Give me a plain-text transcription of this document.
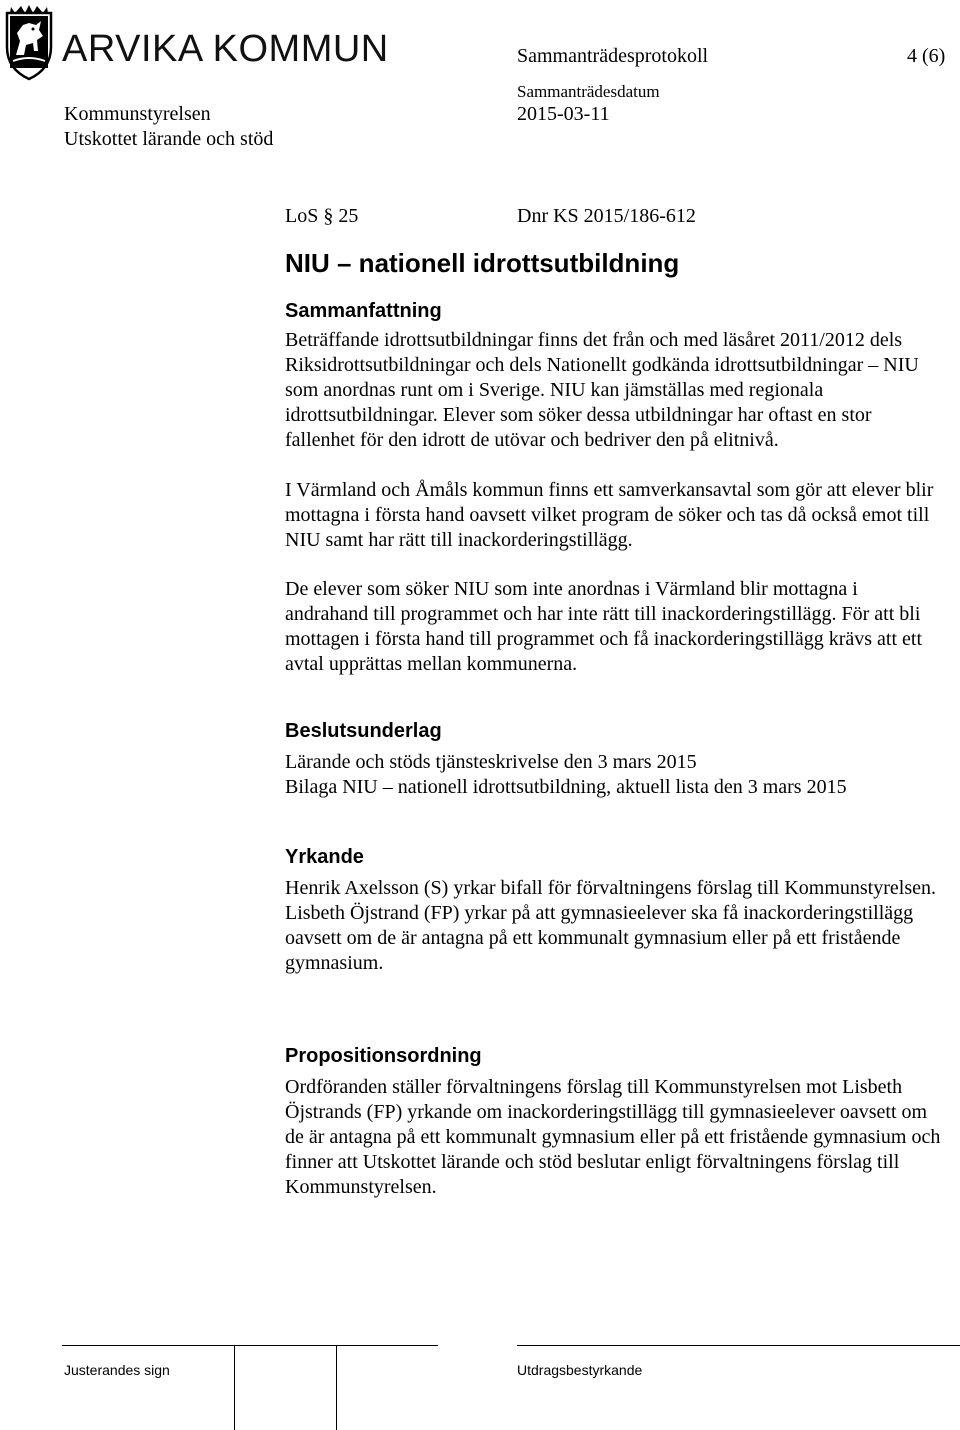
ARVIKA KOMMUN	Sammanträdesprotokoll	4 (6)
Sammanträdesdatum
Kommunstyrelsen	2015-03-11
Utskottet lärande och stöd
LoS § 25	Dnr KS 2015/186-612
NIU – nationell idrottsutbildning
Sammanfattning

Beträffande idrottsutbildningar finns det från och med läsåret 2011/2012 dels Riksidrottsutbildningar och dels Nationellt godkända idrottsutbildningar – NIU som anordnas runt om i Sverige. NIU kan jämställas med regionala idrottsutbildningar. Elever som söker dessa utbildningar har oftast en stor fallenhet för den idrott de utövar och bedriver den på elitnivå.

I Värmland och Åmåls kommun finns ett samverkansavtal som gör att elever blir mottagna i första hand oavsett vilket program de söker och tas då också emot till NIU samt har rätt till inackorderingstillägg.

De elever som söker NIU som inte anordnas i Värmland blir mottagna i andrahand till programmet och har inte rätt till inackorderingstillägg. För att bli mottagen i första hand till programmet och få inackorderingstillägg krävs att ett avtal upprättas mellan kommunerna.

Beslutsunderlag

Lärande och stöds tjänsteskrivelse den 3 mars 2015
Bilaga NIU – nationell idrottsutbildning, aktuell lista den 3 mars 2015

Yrkande

Henrik Axelsson (S) yrkar bifall för förvaltningens förslag till Kommunstyrelsen.
Lisbeth Öjstrand (FP) yrkar på att gymnasieelever ska få inackorderingstillägg oavsett om de är antagna på ett kommunalt gymnasium eller på ett fristående gymnasium.

Propositionsordning

Ordföranden ställer förvaltningens förslag till Kommunstyrelsen mot Lisbeth Öjstrands (FP) yrkande om inackorderingstillägg till gymnasieelever oavsett om de är antagna på ett kommunalt gymnasium eller på ett fristående gymnasium och finner att Utskottet lärande och stöd beslutar enligt förvaltningens förslag till Kommunstyrelsen.

Justerandes sign	Utdragsbestyrkande
